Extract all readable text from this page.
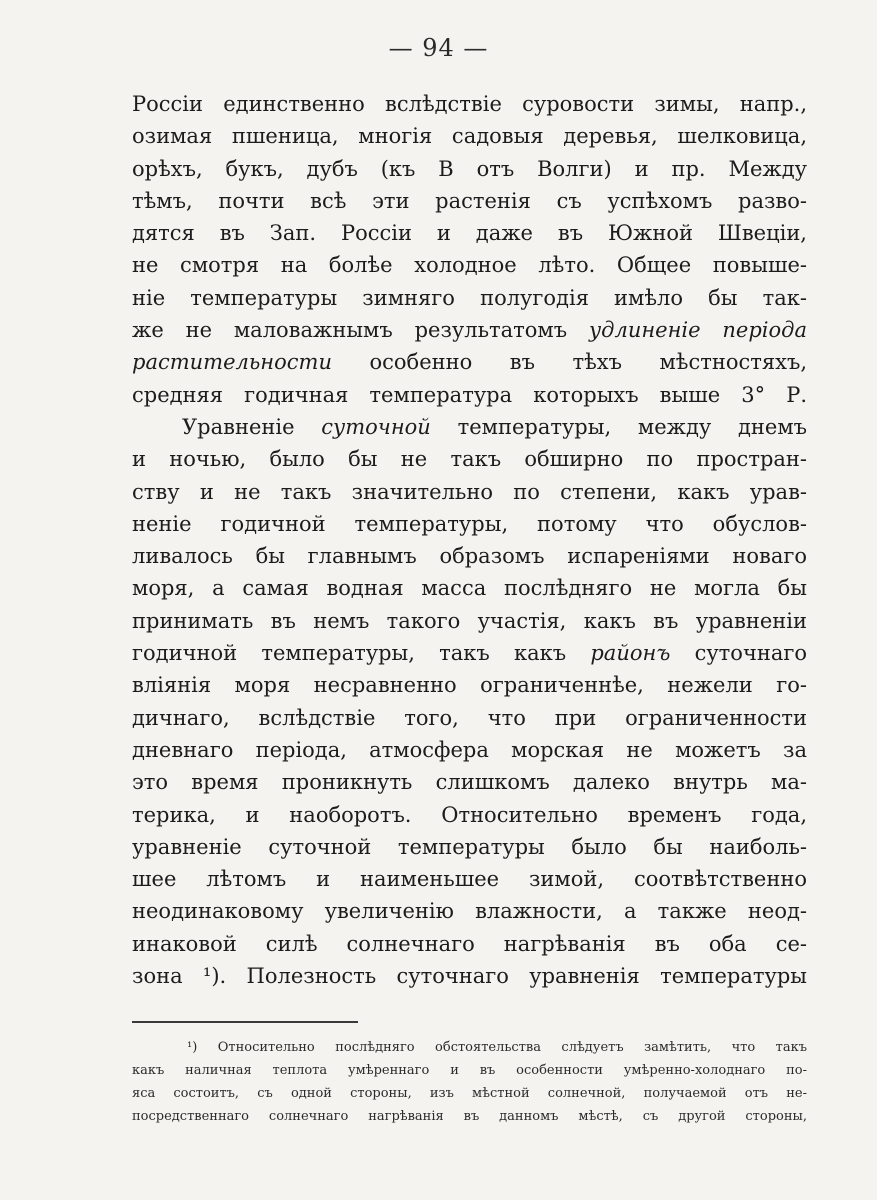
— 94 —
Россіи единственно вслѣдствіе суровости зимы, напр.,
озимая пшеница, многія садовыя деревья, шелковица,
орѣхъ, букъ, дубъ (къ В отъ Волги) и пр. Между
тѣмъ, почти всѣ эти растенія съ успѣхомъ разво-
дятся въ Зап. Россіи и даже въ Южной Швеціи,
не смотря на болѣе холодное лѣто. Общее повыше-
ніе температуры зимняго полугодія имѣло бы так-
же не маловажнымъ результатомъ удлиненіе періода
растительности особенно въ тѣхъ мѣстностяхъ,
средняя годичная температура которыхъ выше 3° Р.
Уравненіе суточной температуры, между днемъ
и ночью, было бы не такъ обширно по простран-
ству и не такъ значительно по степени, какъ урав-
неніе годичной температуры, потому что обуслов-
ливалось бы главнымъ образомъ испареніями новаго
моря, а самая водная масса послѣдняго не могла бы
принимать въ немъ такого участія, какъ въ уравненіи
годичной температуры, такъ какъ районъ суточнаго
вліянія моря несравненно ограниченнѣе, нежели го-
дичнаго, вслѣдствіе того, что при ограниченности
дневнаго періода, атмосфера морская не можетъ за
это время проникнуть слишкомъ далеко внутрь ма-
терика, и наоборотъ. Относительно временъ года,
уравненіе суточной температуры было бы наиболь-
шее лѣтомъ и наименьшее зимой, соотвѣтственно
неодинаковому увеличенію влажности, а также неод-
инаковой силѣ солнечнаго нагрѣванія въ оба се-
зона ¹). Полезность суточнаго уравненія температуры
¹) Относительно послѣдняго обстоятельства слѣдуетъ замѣтить, что такъ
какъ наличная теплота умѣреннаго и въ особенности умѣренно-холоднаго по-
яса состоитъ, съ одной стороны, изъ мѣстной солнечной, получаемой отъ не-
посредственнаго солнечнаго нагрѣванія въ данномъ мѣстѣ, съ другой стороны,
